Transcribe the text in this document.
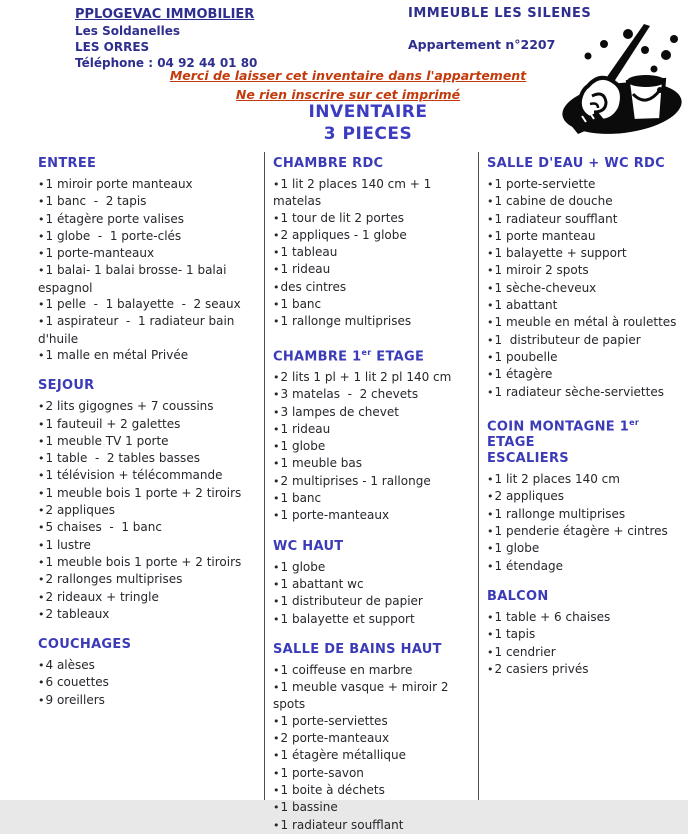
PPLOGEVAC IMMOBILIER
Les Soldanelles
LES ORRES
Téléphone : 04 92 44 01 80
IMMEUBLE LES SILENES
Appartement n°2207
Merci de laisser cet inventaire dans l'appartement
Ne rien inscrire sur cet imprimé
INVENTAIRE
3 PIECES
ENTREE
•1 miroir porte manteaux
•1 banc  -  2 tapis
•1 étagère porte valises
•1 globe  -  1 porte-clés
•1 porte-manteaux
•1 balai- 1 balai brosse- 1 balai espagnol
•1 pelle  -  1 balayette  -  2 seaux
•1 aspirateur  -  1 radiateur bain d'huile
•1 malle en métal Privée
SEJOUR
•2 lits gigognes + 7 coussins
•1 fauteuil + 2 galettes
•1 meuble TV 1 porte
•1 table  -  2 tables basses
•1 télévision + télécommande
•1 meuble bois 1 porte + 2 tiroirs
•2 appliques
•5 chaises  -  1 banc
•1 lustre
•1 meuble bois 1 porte + 2 tiroirs
•2 rallonges multiprises
•2 rideaux + tringle
•2 tableaux
COUCHAGES
•4 alèses
•6 couettes
•9 oreillers
CHAMBRE RDC
•1 lit 2 places 140 cm + 1 matelas
•1 tour de lit 2 portes
•2 appliques - 1 globe
•1 tableau
•1 rideau
•des cintres
•1 banc
•1 rallonge multiprises
CHAMBRE 1er ETAGE
•2 lits 1 pl + 1 lit 2 pl 140 cm
•3 matelas  -  2 chevets
•3 lampes de chevet
•1 rideau
•1 globe
•1 meuble bas
•2 multiprises - 1 rallonge
•1 banc
•1 porte-manteaux
WC HAUT
•1 globe
•1 abattant wc
•1 distributeur de papier
•1 balayette et support
SALLE DE BAINS HAUT
•1 coiffeuse en marbre
•1 meuble vasque + miroir 2 spots
•1 porte-serviettes
•2 porte-manteaux
•1 étagère métallique
•1 porte-savon
•1 boite à déchets
•1 bassine
•1 radiateur soufflant
SALLE D'EAU + WC RDC
•1 porte-serviette
•1 cabine de douche
•1 radiateur soufflant
•1 porte manteau
•1 balayette + support
•1 miroir 2 spots
•1 sèche-cheveux
•1 abattant
•1 meuble en métal à roulettes
•1  distributeur de papier
•1 poubelle
•1 étagère
•1 radiateur sèche-serviettes
COIN MONTAGNE 1er ETAGE
ESCALIERS
•1 lit 2 places 140 cm
•2 appliques
•1 rallonge multiprises
•1 penderie étagère + cintres
•1 globe
•1 étendage
BALCON
•1 table + 6 chaises
•1 tapis
•1 cendrier
•2 casiers privés
